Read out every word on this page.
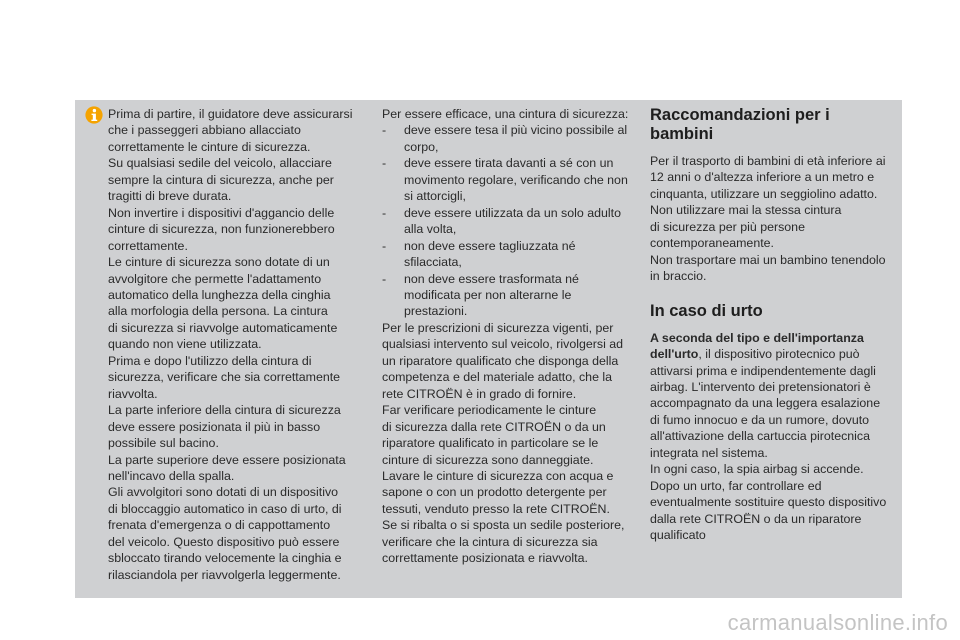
Prima di partire, il guidatore deve assicurarsi

che i passeggeri abbiano allacciato

correttamente le cinture di sicurezza.

Su qualsiasi sedile del veicolo, allacciare

sempre la cintura di sicurezza, anche per

tragitti di breve durata.

Non invertire i dispositivi d'aggancio delle

cinture di sicurezza, non funzionerebbero

correttamente.

Le cinture di sicurezza sono dotate di un

avvolgitore che permette l'adattamento

automatico della lunghezza della cinghia

alla morfologia della persona. La cintura

di sicurezza si riavvolge automaticamente

quando non viene utilizzata.

Prima e dopo l'utilizzo della cintura di

sicurezza, verificare che sia correttamente

riavvolta.

La parte inferiore della cintura di sicurezza

deve essere posizionata il più in basso

possibile sul bacino.

La parte superiore deve essere posizionata

nell'incavo della spalla.

Gli avvolgitori sono dotati di un dispositivo

di bloccaggio automatico in caso di urto, di

frenata d'emergenza o di cappottamento

del veicolo. Questo dispositivo può essere

sbloccato tirando velocemente la cinghia e

rilasciandola per riavvolgerla leggermente.

Per essere efficace, una cintura di sicurezza:

- deve essere tesa il più vicino possibile al
corpo,
- deve essere tirata davanti a sé con un
movimento regolare, verificando che non
si attorcigli,
- deve essere utilizzata da un solo adulto
alla volta,
- non deve essere tagliuzzata né
sfilacciata,
- non deve essere trasformata né
modificata per non alterarne le
prestazioni.

Per le prescrizioni di sicurezza vigenti, per

qualsiasi intervento sul veicolo, rivolgersi ad

un riparatore qualificato che disponga della

competenza e del materiale adatto, che la

rete CITROËN è in grado di fornire.

Far verificare periodicamente le cinture

di sicurezza dalla rete CITROËN o da un

riparatore qualificato in particolare se le

cinture di sicurezza sono danneggiate.

Lavare le cinture di sicurezza con acqua e

sapone o con un prodotto detergente per

tessuti, venduto presso la rete CITROËN.

Se si ribalta o si sposta un sedile posteriore,

verificare che la cintura di sicurezza sia

correttamente posizionata e riavvolta.

Raccomandazioni per i
bambini

Per il trasporto di bambini di età inferiore ai

12 anni o d'altezza inferiore a un metro e

cinquanta, utilizzare un seggiolino adatto.

Non utilizzare mai la stessa cintura

di sicurezza per più persone

contemporaneamente.

Non trasportare mai un bambino tenendolo

in braccio.

In caso di urto

A seconda del tipo e dell'importanza

dell'urto, il dispositivo pirotecnico può

attivarsi prima e indipendentemente dagli

airbag. L'intervento dei pretensionatori è

accompagnato da una leggera esalazione

di fumo innocuo e da un rumore, dovuto

all'attivazione della cartuccia pirotecnica

integrata nel sistema.

In ogni caso, la spia airbag si accende.

Dopo un urto, far controllare ed

eventualmente sostituire questo dispositivo

dalla rete CITROËN o da un riparatore

qualificato

carmanualsonline.info
